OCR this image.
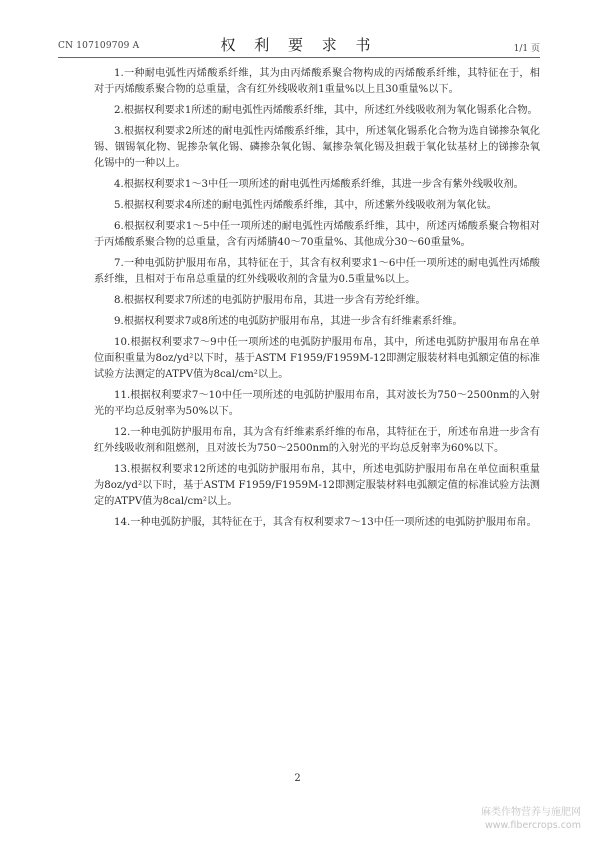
CN 107109709 A	权 利 要 求 书	1/1 页

1.一种耐电弧性丙烯酸系纤维，其为由丙烯酸系聚合物构成的丙烯酸系纤维，其特征在于，相对于丙烯酸系聚合物的总重量，含有红外线吸收剂1重量%以上且30重量%以下。

2.根据权利要求1所述的耐电弧性丙烯酸系纤维，其中，所述红外线吸收剂为氧化锡系化合物。

3.根据权利要求2所述的耐电弧性丙烯酸系纤维，其中，所述氧化锡系化合物为选自锑掺杂氧化锡、铟锡氧化物、铌掺杂氧化锡、磷掺杂氧化锡、氟掺杂氧化锡及担载于氧化钛基材上的锑掺杂氧化锡中的一种以上。

4.根据权利要求1～3中任一项所述的耐电弧性丙烯酸系纤维，其进一步含有紫外线吸收剂。

5.根据权利要求4所述的耐电弧性丙烯酸系纤维，其中，所述紫外线吸收剂为氧化钛。

6.根据权利要求1～5中任一项所述的耐电弧性丙烯酸系纤维，其中，所述丙烯酸系聚合物相对于丙烯酸系聚合物的总重量，含有丙烯腈40～70重量%、其他成分30～60重量%。

7.一种电弧防护服用布帛，其特征在于，其含有权利要求1～6中任一项所述的耐电弧性丙烯酸系纤维，且相对于布帛总重量的红外线吸收剂的含量为0.5重量%以上。

8.根据权利要求7所述的电弧防护服用布帛，其进一步含有芳纶纤维。

9.根据权利要求7或8所述的电弧防护服用布帛，其进一步含有纤维素系纤维。

10.根据权利要求7～9中任一项所述的电弧防护服用布帛，其中，所述电弧防护服用布帛在单位面积重量为8oz/yd²以下时，基于ASTM F1959/F1959M-12即测定服装材料电弧额定值的标准试验方法测定的ATPV值为8cal/cm²以上。

11.根据权利要求7～10中任一项所述的电弧防护服用布帛，其对波长为750～2500nm的入射光的平均总反射率为50%以下。

12.一种电弧防护服用布帛，其为含有纤维素系纤维的布帛，其特征在于，所述布帛进一步含有红外线吸收剂和阻燃剂，且对波长为750～2500nm的入射光的平均总反射率为60%以下。

13.根据权利要求12所述的电弧防护服用布帛，其中，所述电弧防护服用布帛在单位面积重量为8oz/yd²以下时，基于ASTM F1959/F1959M-12即测定服装材料电弧额定值的标准试验方法测定的ATPV值为8cal/cm²以上。

14.一种电弧防护服，其特征在于，其含有权利要求7～13中任一项所述的电弧防护服用布帛。

2
麻类作物营养与施肥网
www.fibercrops.com
